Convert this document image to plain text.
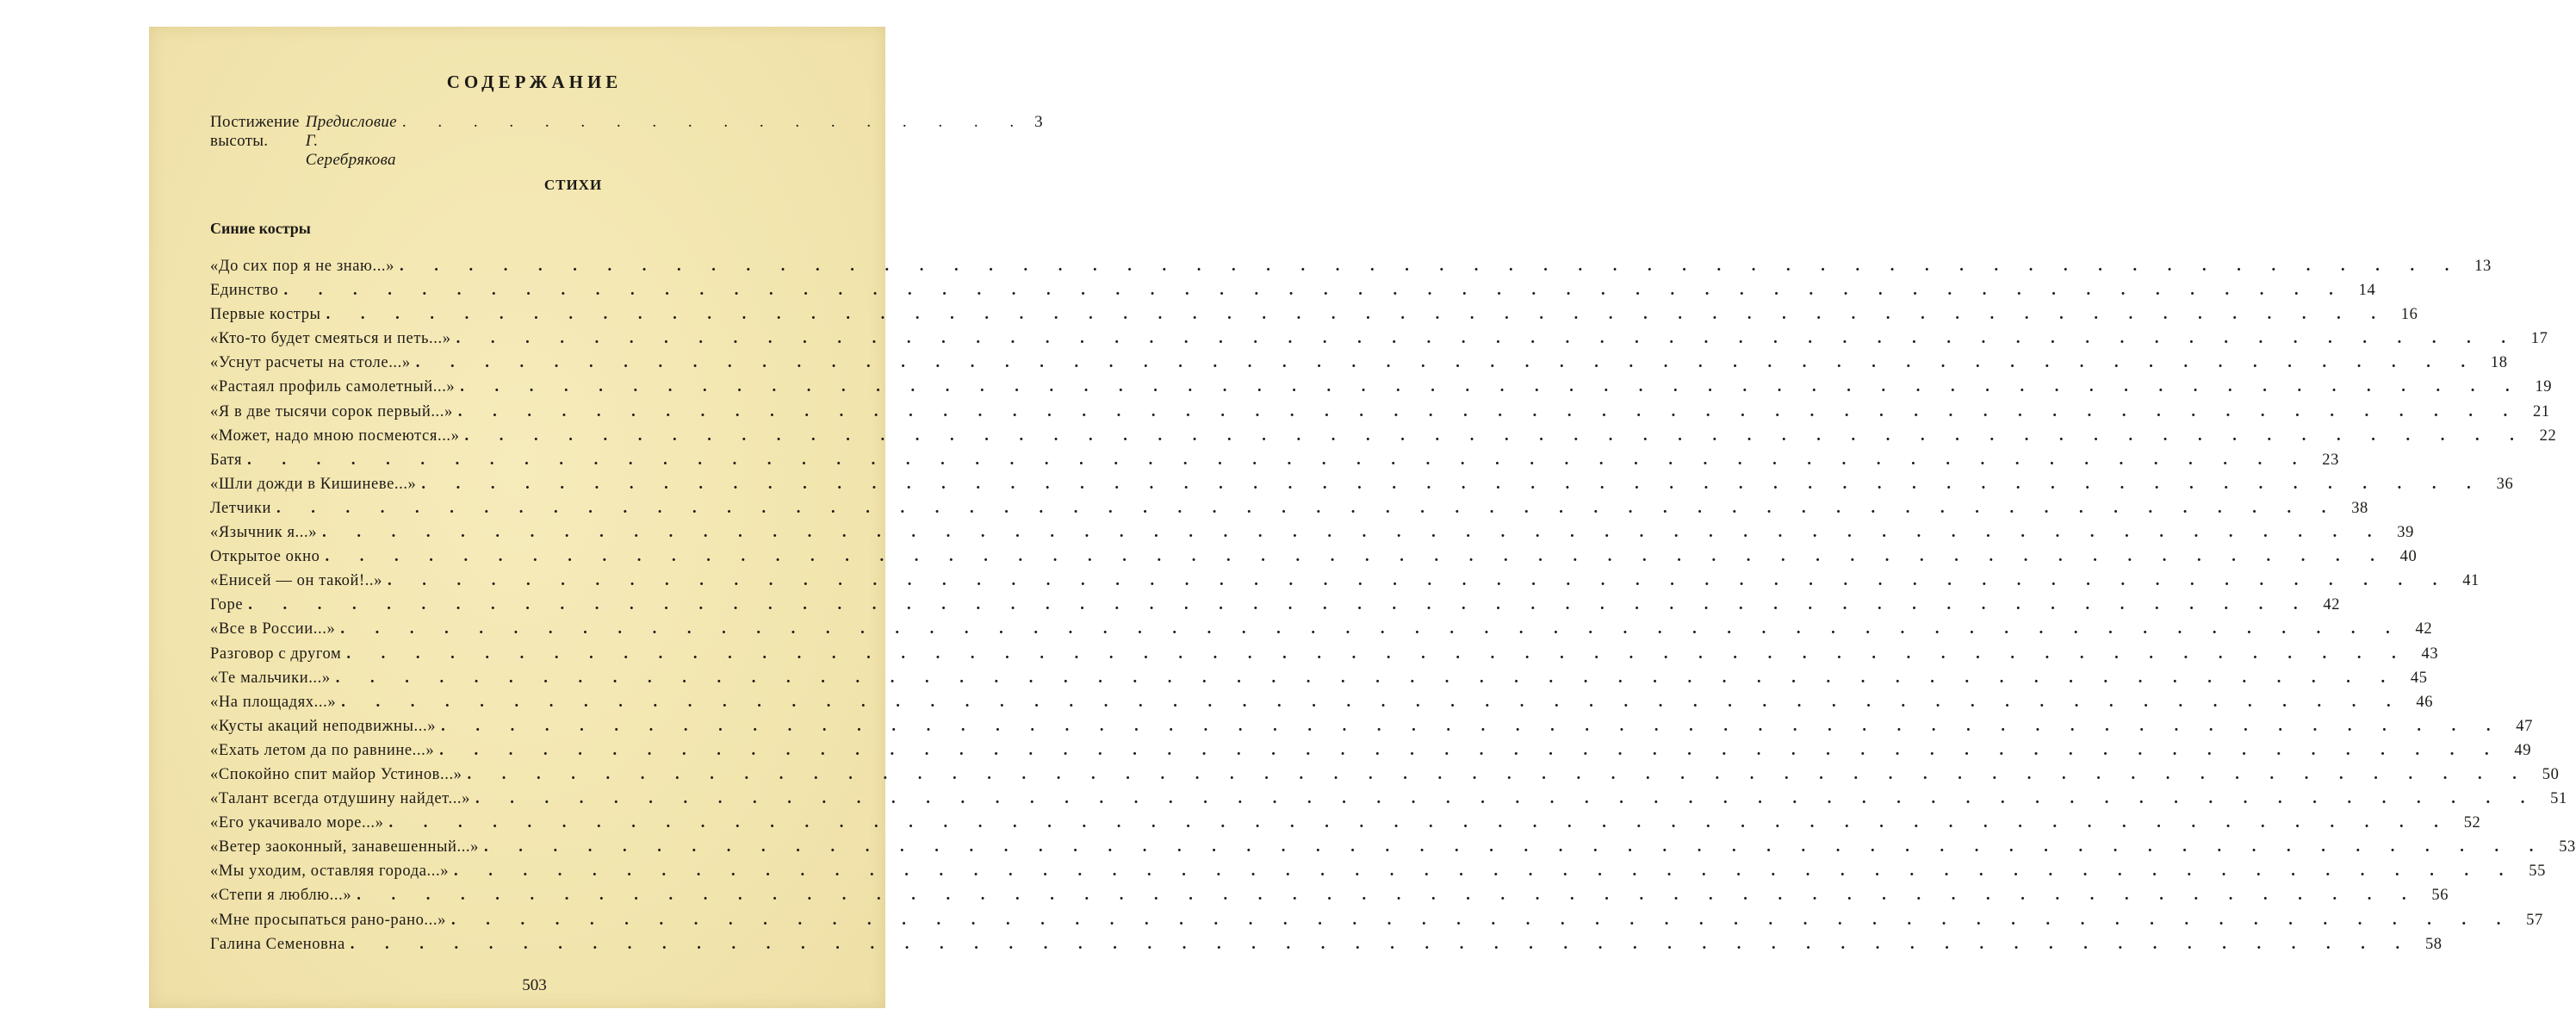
СОДЕРЖАНИЕ
Постижение высоты.
Предисловие Г. Серебрякова
. . . . . . . . . . . . . . . . . . 3
СТИХИ
Синие костры
«До сих пор я не знаю...» . . . . . . . . . . . . . . . . . . . . . . . . . . . . . . . . . . . . . . . . . . . . . . . . . . . . . . . . . . . . 13
Единство . . . . . . . . . . . . . . . . . . . . . . . . . . . . . . . . . . . . . . . . . . . . . . . . . . . . . . . . . . . . 14
Первые костры . . . . . . . . . . . . . . . . . . . . . . . . . . . . . . . . . . . . . . . . . . . . . . . . . . . . . . . . . . . . 16
«Кто-то будет смеяться и петь...» . . . . . . . . . . . . . . . . . . . . . . . . . . . . . . . . . . . . . . . . . . . . . . . . . . . . . . . . . . . . 17
«Уснут расчеты на столе...» . . . . . . . . . . . . . . . . . . . . . . . . . . . . . . . . . . . . . . . . . . . . . . . . . . . . . . . . . . . . 18
«Растаял профиль самолетный...» . . . . . . . . . . . . . . . . . . . . . . . . . . . . . . . . . . . . . . . . . . . . . . . . . . . . . . . . . . . . 19
«Я в две тысячи сорок первый...» . . . . . . . . . . . . . . . . . . . . . . . . . . . . . . . . . . . . . . . . . . . . . . . . . . . . . . . . . . . . 21
«Может, надо мною посмеются...» . . . . . . . . . . . . . . . . . . . . . . . . . . . . . . . . . . . . . . . . . . . . . . . . . . . . . . . . . . . . 22
Батя . . . . . . . . . . . . . . . . . . . . . . . . . . . . . . . . . . . . . . . . . . . . . . . . . . . . . . . . . . . . 23
«Шли дожди в Кишиневе...» . . . . . . . . . . . . . . . . . . . . . . . . . . . . . . . . . . . . . . . . . . . . . . . . . . . . . . . . . . . . 36
Летчики . . . . . . . . . . . . . . . . . . . . . . . . . . . . . . . . . . . . . . . . . . . . . . . . . . . . . . . . . . . . 38
«Язычник я...» . . . . . . . . . . . . . . . . . . . . . . . . . . . . . . . . . . . . . . . . . . . . . . . . . . . . . . . . . . . . 39
Открытое окно . . . . . . . . . . . . . . . . . . . . . . . . . . . . . . . . . . . . . . . . . . . . . . . . . . . . . . . . . . . . 40
«Енисей — он такой!..» . . . . . . . . . . . . . . . . . . . . . . . . . . . . . . . . . . . . . . . . . . . . . . . . . . . . . . . . . . . . 41
Горе . . . . . . . . . . . . . . . . . . . . . . . . . . . . . . . . . . . . . . . . . . . . . . . . . . . . . . . . . . . . 42
«Все в России...» . . . . . . . . . . . . . . . . . . . . . . . . . . . . . . . . . . . . . . . . . . . . . . . . . . . . . . . . . . . . 42
Разговор с другом . . . . . . . . . . . . . . . . . . . . . . . . . . . . . . . . . . . . . . . . . . . . . . . . . . . . . . . . . . . . 43
«Те мальчики...» . . . . . . . . . . . . . . . . . . . . . . . . . . . . . . . . . . . . . . . . . . . . . . . . . . . . . . . . . . . . 45
«На площадях...» . . . . . . . . . . . . . . . . . . . . . . . . . . . . . . . . . . . . . . . . . . . . . . . . . . . . . . . . . . . . 46
«Кусты акаций неподвижны...» . . . . . . . . . . . . . . . . . . . . . . . . . . . . . . . . . . . . . . . . . . . . . . . . . . . . . . . . . . . . 47
«Ехать летом да по равнине...» . . . . . . . . . . . . . . . . . . . . . . . . . . . . . . . . . . . . . . . . . . . . . . . . . . . . . . . . . . . . 49
«Спокойно спит майор Устинов...» . . . . . . . . . . . . . . . . . . . . . . . . . . . . . . . . . . . . . . . . . . . . . . . . . . . . . . . . . . . . 50
«Талант всегда отдушину найдет...» . . . . . . . . . . . . . . . . . . . . . . . . . . . . . . . . . . . . . . . . . . . . . . . . . . . . . . . . . . . . 51
«Его укачивало море...» . . . . . . . . . . . . . . . . . . . . . . . . . . . . . . . . . . . . . . . . . . . . . . . . . . . . . . . . . . . . 52
«Ветер заоконный, занавешенный...» . . . . . . . . . . . . . . . . . . . . . . . . . . . . . . . . . . . . . . . . . . . . . . . . . . . . . . . . . . . . 53
«Мы уходим, оставляя города...» . . . . . . . . . . . . . . . . . . . . . . . . . . . . . . . . . . . . . . . . . . . . . . . . . . . . . . . . . . . . 55
«Степи я люблю...» . . . . . . . . . . . . . . . . . . . . . . . . . . . . . . . . . . . . . . . . . . . . . . . . . . . . . . . . . . . . 56
«Мне просыпаться рано-рано...» . . . . . . . . . . . . . . . . . . . . . . . . . . . . . . . . . . . . . . . . . . . . . . . . . . . . . . . . . . . . 57
Галина Семеновна . . . . . . . . . . . . . . . . . . . . . . . . . . . . . . . . . . . . . . . . . . . . . . . . . . . . . . . . . . . . 58
503
